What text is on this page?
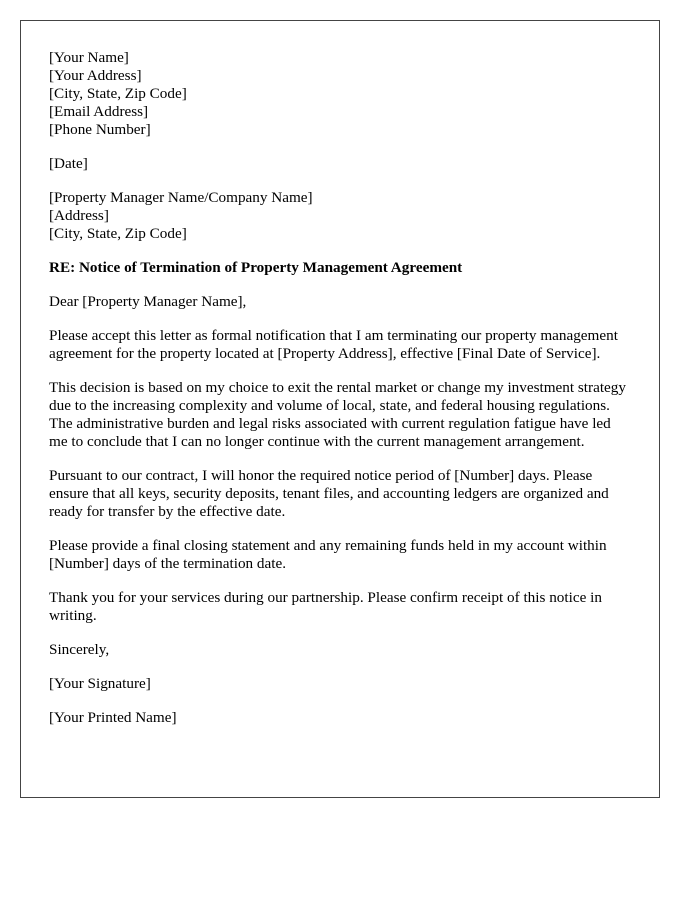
[Your Name]
[Your Address]
[City, State, Zip Code]
[Email Address]
[Phone Number]
[Date]
[Property Manager Name/Company Name]
[Address]
[City, State, Zip Code]

RE: Notice of Termination of Property Management Agreement

Dear [Property Manager Name],

Please accept this letter as formal notification that I am terminating our property management agreement for the property located at [Property Address], effective [Final Date of Service].

This decision is based on my choice to exit the rental market or change my investment strategy due to the increasing complexity and volume of local, state, and federal housing regulations. The administrative burden and legal risks associated with current regulation fatigue have led me to conclude that I can no longer continue with the current management arrangement.

Pursuant to our contract, I will honor the required notice period of [Number] days. Please ensure that all keys, security deposits, tenant files, and accounting ledgers are organized and ready for transfer by the effective date.

Please provide a final closing statement and any remaining funds held in my account within [Number] days of the termination date.

Thank you for your services during our partnership. Please confirm receipt of this notice in writing.

Sincerely,

[Your Signature]

[Your Printed Name]
